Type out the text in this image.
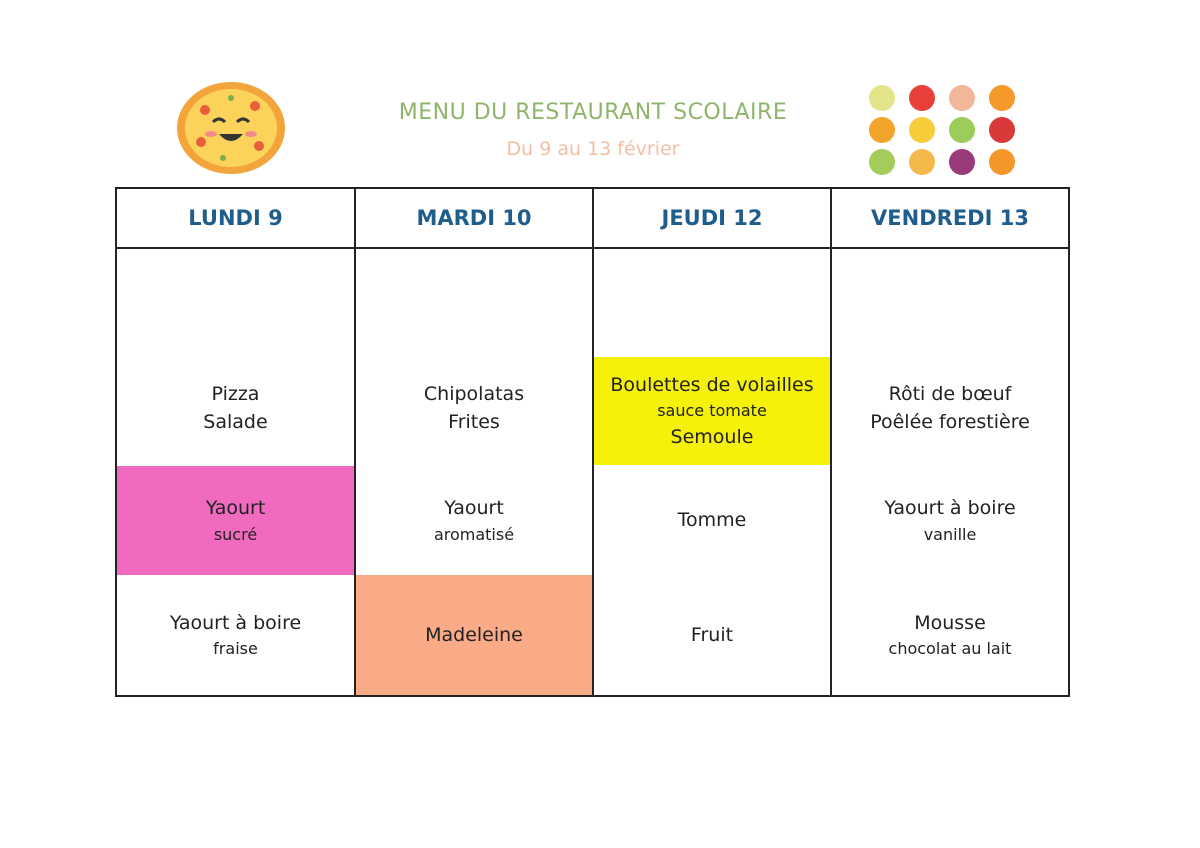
MENU DU RESTAURANT SCOLAIRE
Du 9 au 13 février
LUNDI 9
Pizza
Salade
Yaourt
sucré
Yaourt à boire
fraise
MARDI 10
Chipolatas
Frites
Yaourt
aromatisé
Madeleine
JEUDI 12
Boulettes de volailles
sauce tomate
Semoule
Tomme
Fruit
VENDREDI 13
Rôti de bœuf
Poêlée forestière
Yaourt à boire
vanille
Mousse
chocolat au lait
